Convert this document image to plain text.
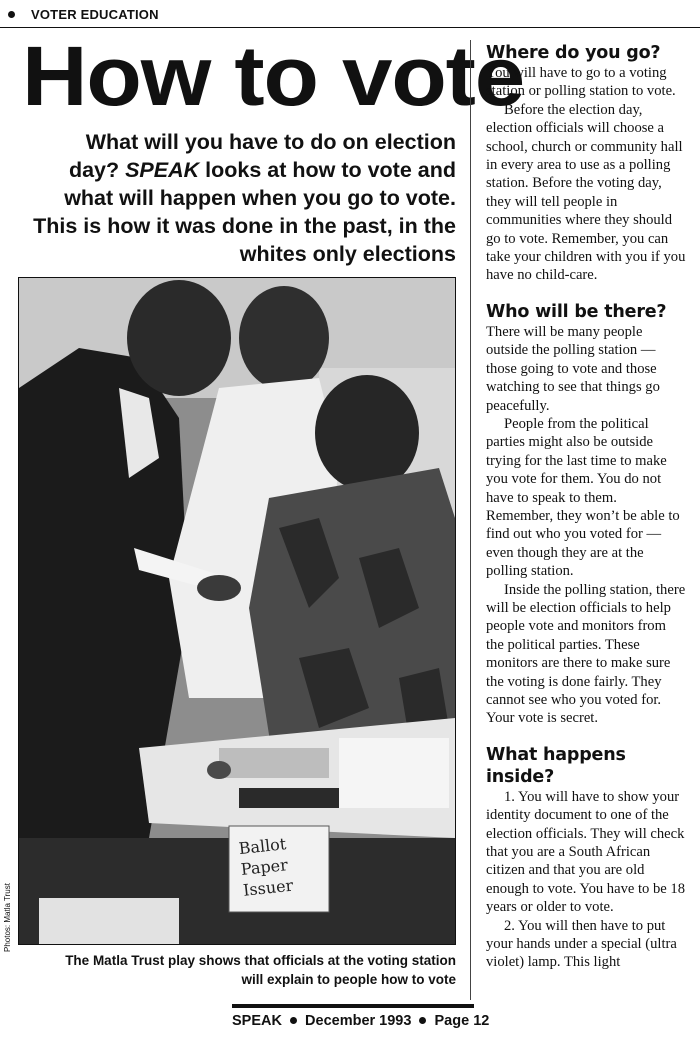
VOTER EDUCATION
How to vote
What will you have to do on election day? SPEAK looks at how to vote and what will happen when you go to vote. This is how it was done in the past, in the whites only elections
Ballot
Paper
Issuer
Photos: Matla Trust
The Matla Trust play shows that officials at the voting station will explain to people how to vote
Where do you go?

You will have to go to a voting station or polling station to vote.

Before the election day, election officials will choose a school, church or community hall in every area to use as a polling station. Before the voting day, they will tell people in communities where they should go to vote. Remember, you can take your children with you if you have no child-care.

Who will be there?

There will be many people outside the polling station — those going to vote and those watching to see that things go peacefully.

People from the political parties might also be outside trying for the last time to make you vote for them. You do not have to speak to them. Remember, they won’t be able to find out who you voted for — even though they are at the polling station.

Inside the polling station, there will be election officials to help people vote and monitors from the political parties. These monitors are there to make sure the voting is done fairly. They cannot see who you voted for. Your vote is secret.

What happens inside?

1. You will have to show your identity document to one of the election officials. They will check that you are a South African citizen and that you are old enough to vote. You have to be 18 years or older to vote.

2. You will then have to put your hands under a special (ultra violet) lamp. This light

SPEAK December 1993 Page 12
